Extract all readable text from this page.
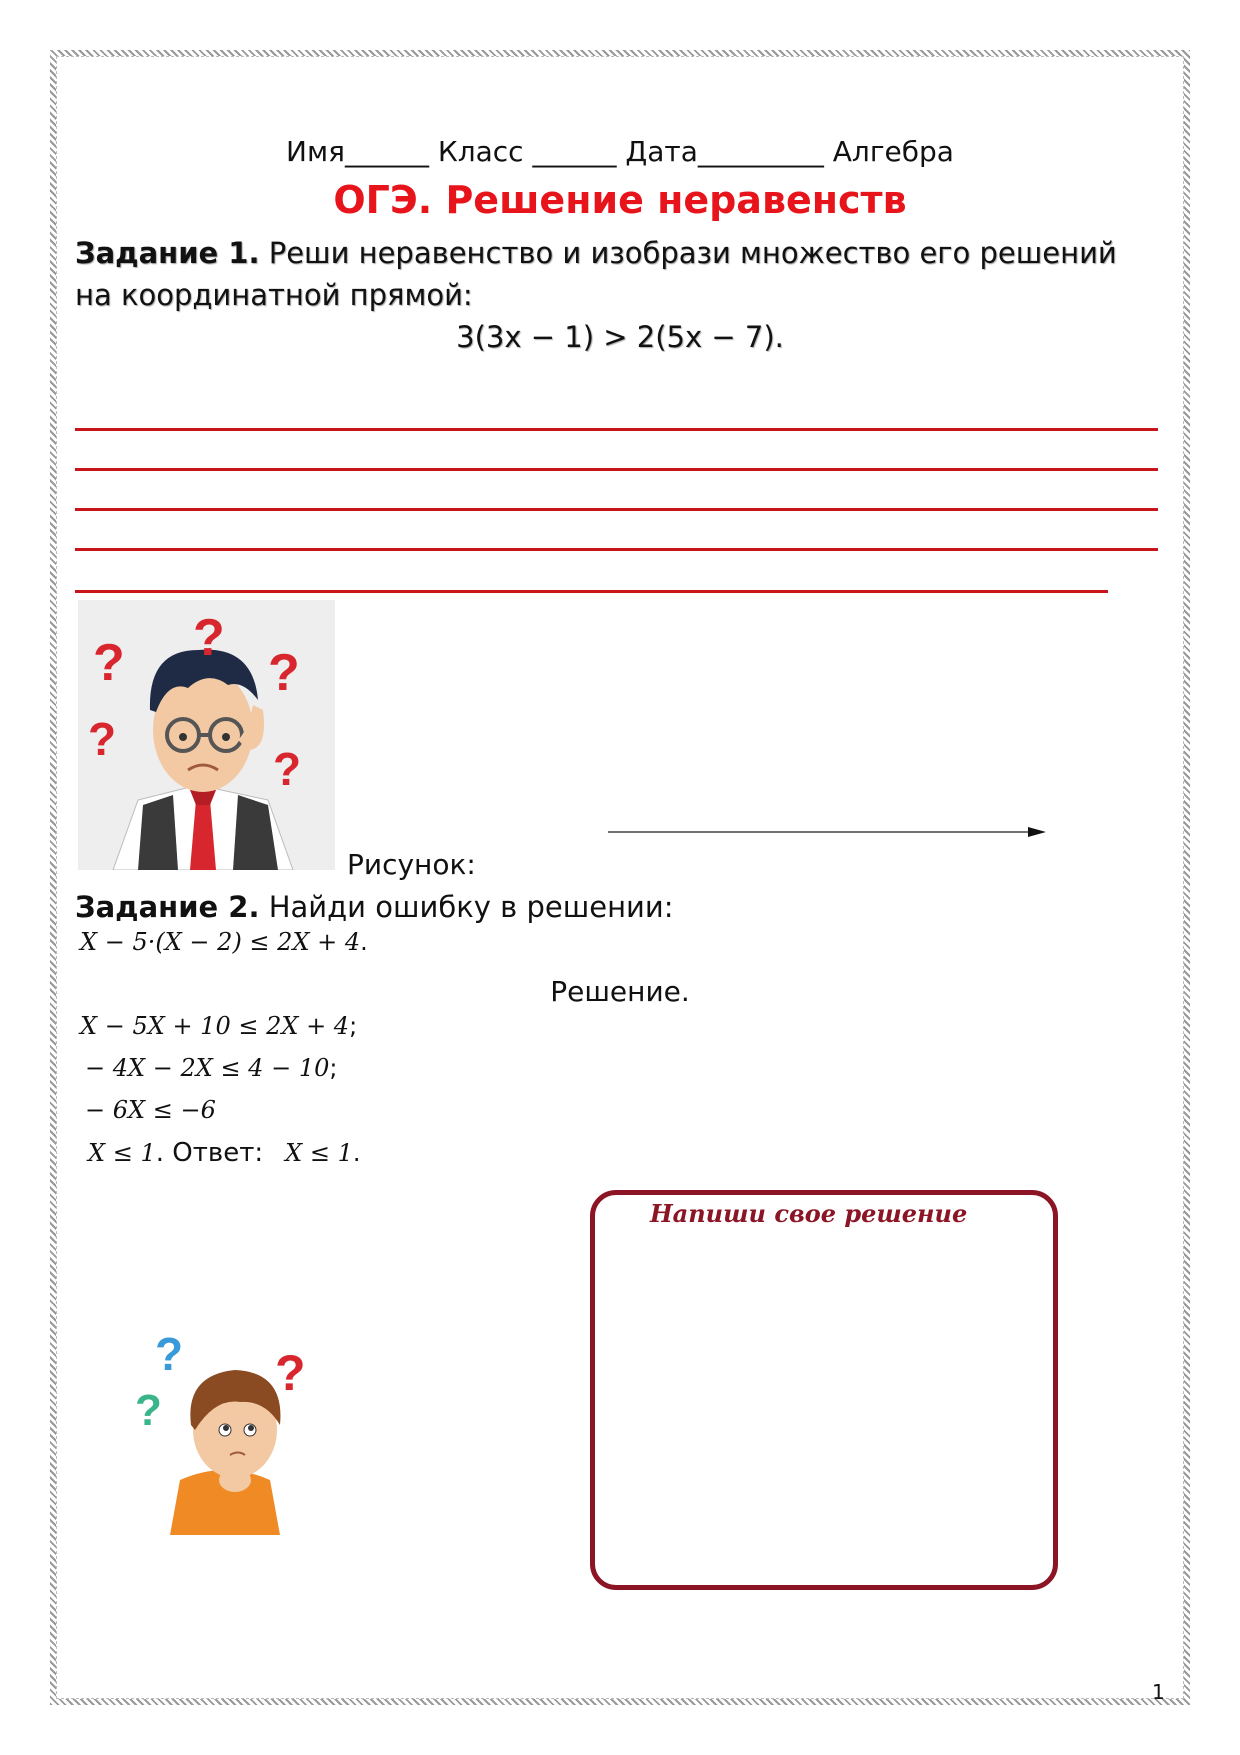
Имя______ Класс ______ Дата_________ Алгебра
ОГЭ. Решение неравенств
Задание 1. Реши неравенство и изобрази множество его решений на координатной прямой:
3(3x − 1) > 2(5x − 7).
? ?
?
?
?
Рисунок:
Задание 2. Найди ошибку в решении:
X − 5·(X − 2) ≤ 2X + 4.
Решение.
X − 5X + 10 ≤ 2X + 4;
− 4X − 2X ≤ 4 − 10;
− 6X ≤ −6
X ≤ 1. Ответ: X ≤ 1.
Напиши свое решение
?
?
?
1
